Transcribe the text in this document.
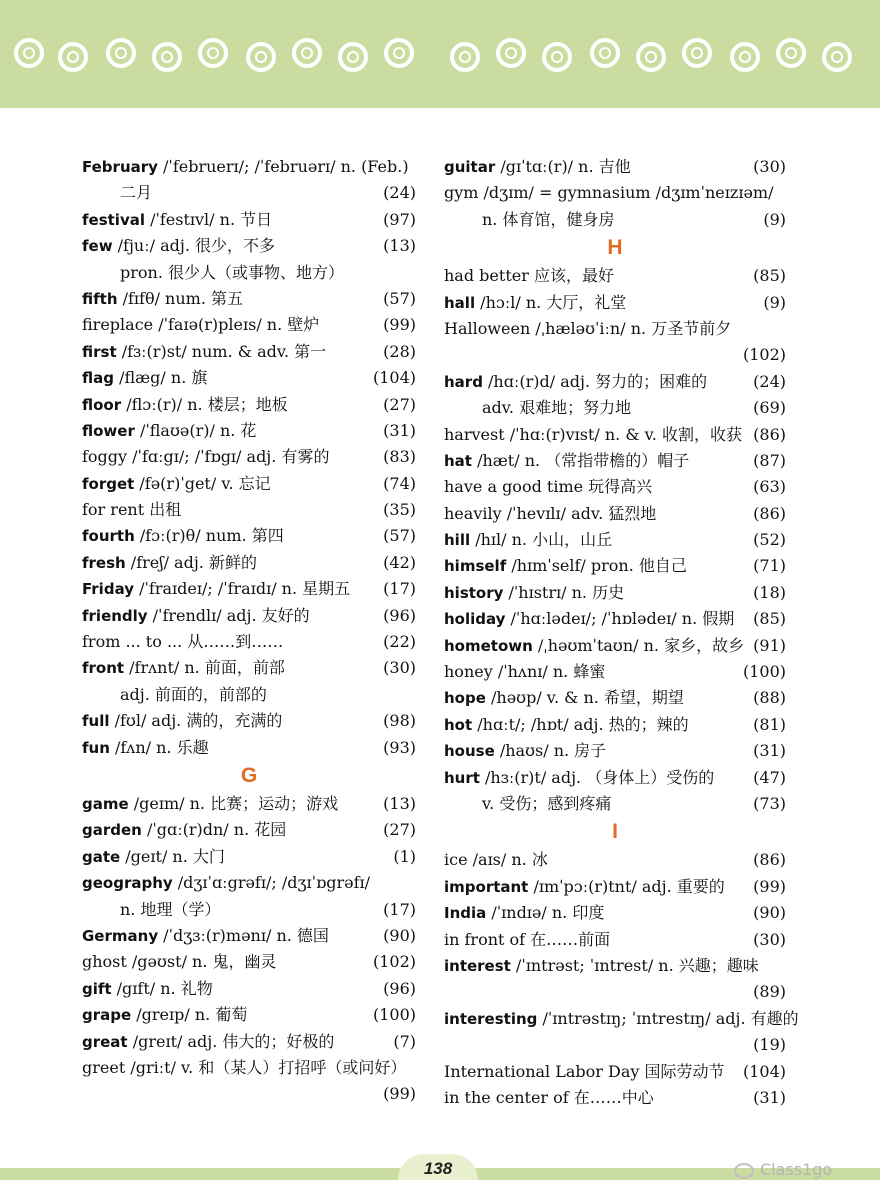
February /ˈfebruerɪ/; /ˈfebruərɪ/ n. (Feb.)
二月	(24)
festival /ˈfestɪvl/ n. 节日	(97)
few /fjuː/ adj. 很少，不多	(13)
pron. 很少人（或事物、地方）
fifth /fɪfθ/ num. 第五	(57)
fireplace /ˈfaɪə(r)pleɪs/ n. 壁炉	(99)
first /fɜː(r)st/ num. & adv. 第一	(28)
flag /flæg/ n. 旗	(104)
floor /flɔː(r)/ n. 楼层；地板	(27)
flower /ˈflaʊə(r)/ n. 花	(31)
foggy /ˈfɑːgɪ/; /ˈfɒgɪ/ adj. 有雾的	(83)
forget /fə(r)ˈget/ v. 忘记	(74)
for rent 出租	(35)
fourth /fɔː(r)θ/ num. 第四	(57)
fresh /freʃ/ adj. 新鲜的	(42)
Friday /ˈfraɪdeɪ/; /ˈfraɪdɪ/ n. 星期五 (17)
friendly /ˈfrendlɪ/ adj. 友好的	(96)
from ... to ... 从……到……	(22)
front /frʌnt/ n. 前面，前部	(30)
adj. 前面的，前部的
full /fʊl/ adj. 满的，充满的	(98)
fun /fʌn/ n. 乐趣	(93)
G
game /geɪm/ n. 比赛；运动；游戏	(13)
garden /ˈgɑː(r)dn/ n. 花园	(27)
gate /geɪt/ n. 大门	(1)
geography /dʒɪˈɑːgrəfɪ/; /dʒɪˈɒgrəfɪ/
n. 地理（学）	(17)
Germany /ˈdʒɜː(r)mənɪ/ n. 德国	(90)
ghost /gəʊst/ n. 鬼，幽灵	(102)
gift /gɪft/ n. 礼物	(96)
grape /greɪp/ n. 葡萄	(100)
great /greɪt/ adj. 伟大的；好极的	(7)
greet /griːt/ v. 和（某人）打招呼（或问好）
(99)
guitar /gɪˈtɑː(r)/ n. 吉他	(30)
gym /dʒɪm/ = gymnasium /dʒɪmˈneɪzɪəm/
n. 体育馆，健身房	(9)
H
had better 应该，最好	(85)
hall /hɔːl/ n. 大厅，礼堂	(9)
Halloween /ˌhæləʊˈiːn/ n. 万圣节前夕
(102)
hard /hɑː(r)d/ adj. 努力的；困难的	(24)
adv. 艰难地；努力地	(69)
harvest /ˈhɑː(r)vɪst/ n. & v. 收割，收获 (86)
hat /hæt/ n. （常指带檐的）帽子	(87)
have a good time 玩得高兴	(63)
heavily /ˈhevɪlɪ/ adv. 猛烈地	(86)
hill /hɪl/ n. 小山，山丘	(52)
himself /hɪmˈself/ pron. 他自己	(71)
history /ˈhɪstrɪ/ n. 历史	(18)
holiday /ˈhɑːlədeɪ/; /ˈhɒlədeɪ/ n. 假期 (85)
hometown /ˌhəʊmˈtaʊn/ n. 家乡，故乡 (91)
honey /ˈhʌnɪ/ n. 蜂蜜	(100)
hope /həʊp/ v. & n. 希望，期望	(88)
hot /hɑːt/; /hɒt/ adj. 热的；辣的	(81)
house /haʊs/ n. 房子	(31)
hurt /hɜː(r)t/ adj. （身体上）受伤的 (47)
v. 受伤；感到疼痛	(73)
I
ice /aɪs/ n. 冰	(86)
important /ɪmˈpɔː(r)tnt/ adj. 重要的 (99)
India /ˈɪndɪə/ n. 印度	(90)
in front of 在……前面	(30)
interest /ˈɪntrəst; ˈɪntrest/ n. 兴趣；趣味
(89)
interesting /ˈɪntrəstɪŋ; ˈɪntrestɪŋ/ adj. 有趣的
(19)
International Labor Day 国际劳动节 (104)
in the center of 在……中心	(31)
138	Class1go
